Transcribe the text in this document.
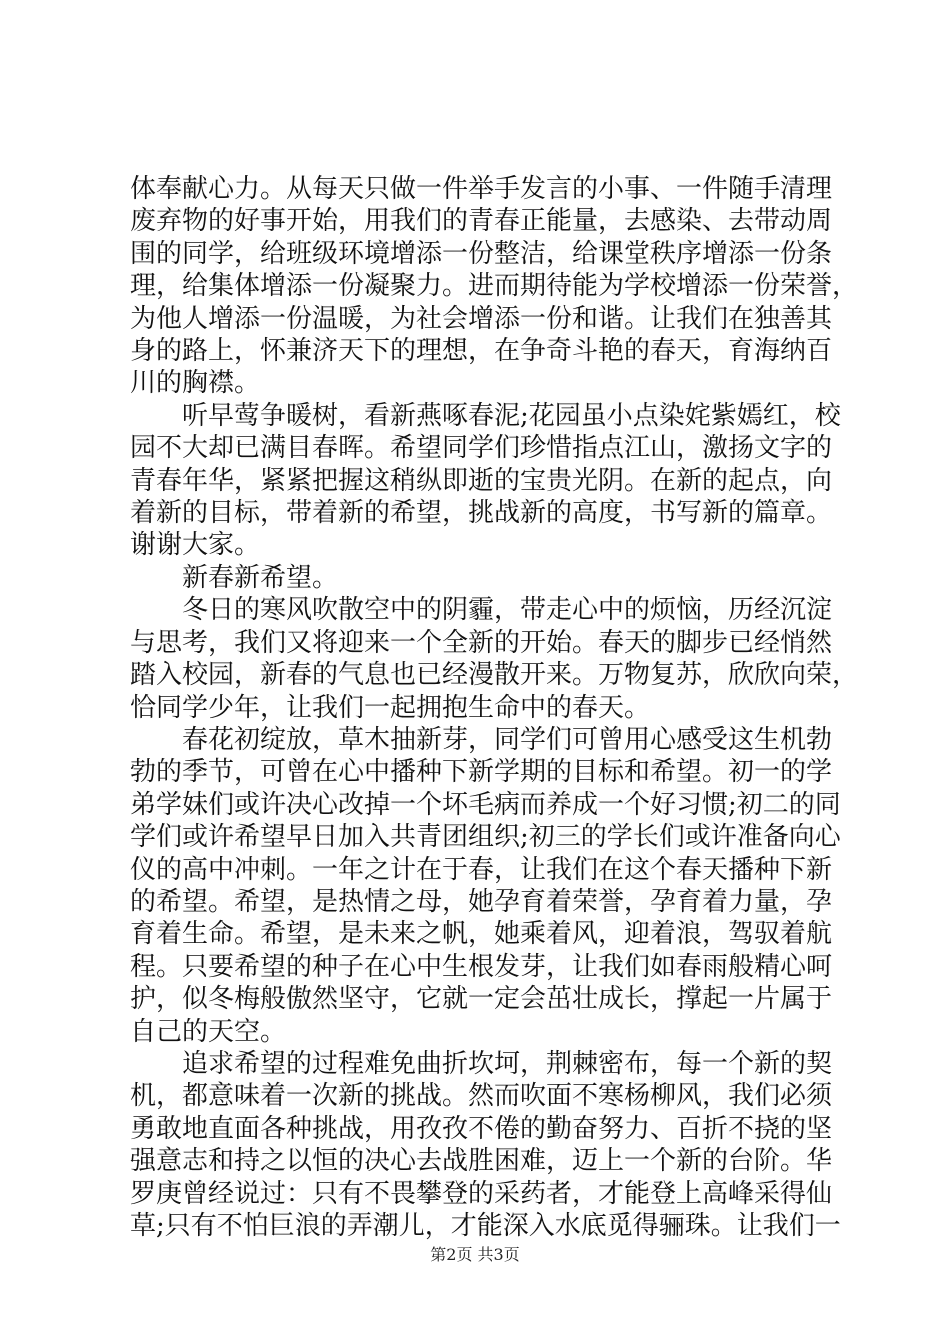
体奉献心力。从每天只做一件举手发言的小事、一件随手清理
废弃物的好事开始，用我们的青春正能量，去感染、去带动周
围的同学，给班级环境增添一份整洁，给课堂秩序增添一份条
理，给集体增添一份凝聚力。进而期待能为学校增添一份荣誉，
为他人增添一份温暖，为社会增添一份和谐。让我们在独善其
身的路上，怀兼济天下的理想，在争奇斗艳的春天，育海纳百
川的胸襟。
听早莺争暖树，看新燕啄春泥;花园虽小点染姹紫嫣红，校
园不大却已满目春晖。希望同学们珍惜指点江山，激扬文字的
青春年华，紧紧把握这稍纵即逝的宝贵光阴。在新的起点，向
着新的目标，带着新的希望，挑战新的高度，书写新的篇章。
谢谢大家。
新春新希望。
冬日的寒风吹散空中的阴霾，带走心中的烦恼，历经沉淀
与思考，我们又将迎来一个全新的开始。春天的脚步已经悄然
踏入校园，新春的气息也已经漫散开来。万物复苏，欣欣向荣，
恰同学少年，让我们一起拥抱生命中的春天。
春花初绽放，草木抽新芽，同学们可曾用心感受这生机勃
勃的季节，可曾在心中播种下新学期的目标和希望。初一的学
弟学妹们或许决心改掉一个坏毛病而养成一个好习惯;初二的同
学们或许希望早日加入共青团组织;初三的学长们或许准备向心
仪的高中冲刺。一年之计在于春，让我们在这个春天播种下新
的希望。希望，是热情之母，她孕育着荣誉，孕育着力量，孕
育着生命。希望，是未来之帆，她乘着风，迎着浪，驾驭着航
程。只要希望的种子在心中生根发芽，让我们如春雨般精心呵
护，似冬梅般傲然坚守，它就一定会茁壮成长，撑起一片属于
自己的天空。
追求希望的过程难免曲折坎坷，荆棘密布，每一个新的契
机，都意味着一次新的挑战。然而吹面不寒杨柳风，我们必须
勇敢地直面各种挑战，用孜孜不倦的勤奋努力、百折不挠的坚
强意志和持之以恒的决心去战胜困难，迈上一个新的台阶。华
罗庚曾经说过：只有不畏攀登的采药者，才能登上高峰采得仙
草;只有不怕巨浪的弄潮儿，才能深入水底觅得骊珠。让我们一
第2页 共3页
